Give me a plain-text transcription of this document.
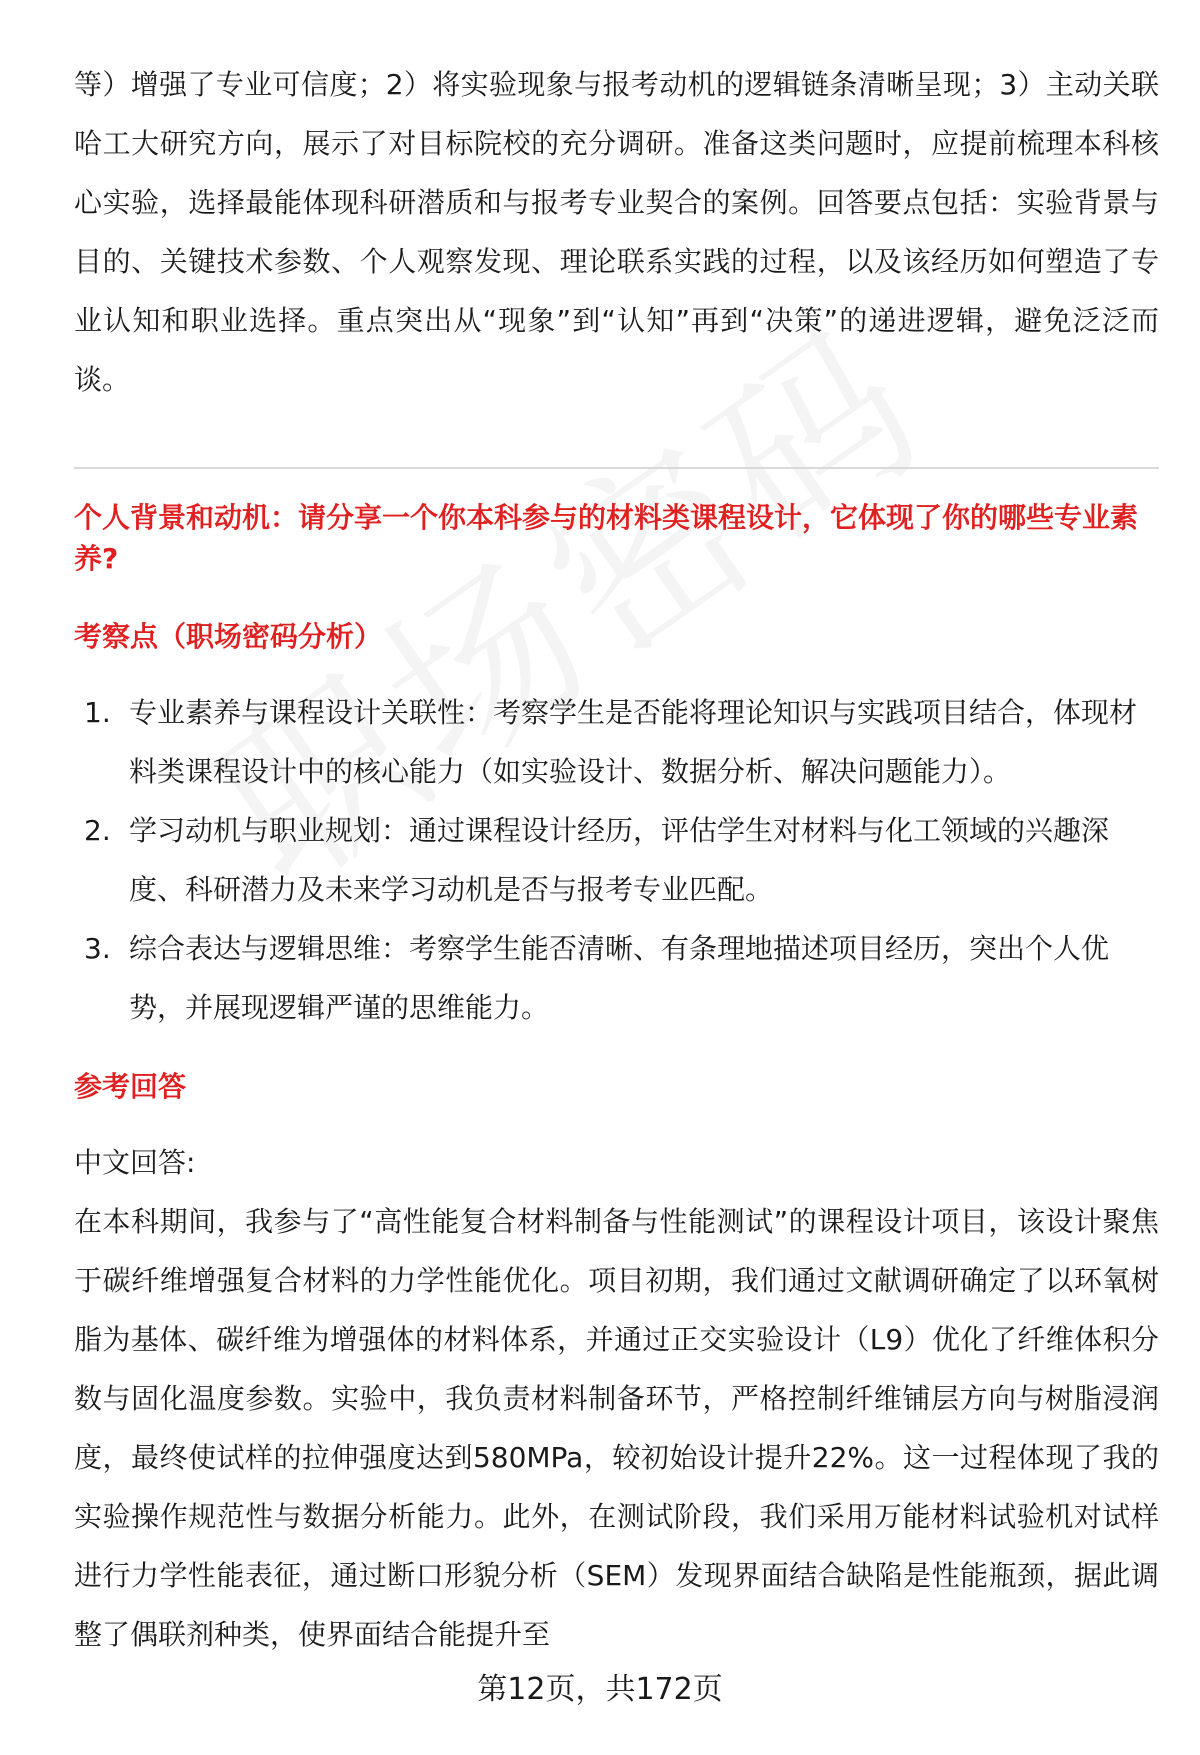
等）增强了专业可信度；2）将实验现象与报考动机的逻辑链条清晰呈现；3）主动关联哈工大研究方向，展示了对目标院校的充分调研。准备这类问题时，应提前梳理本科核心实验，选择最能体现科研潜质和与报考专业契合的案例。回答要点包括：实验背景与目的、关键技术参数、个人观察发现、理论联系实践的过程，以及该经历如何塑造了专业认知和职业选择。重点突出从“现象”到“认知”再到“决策”的递进逻辑，避免泛泛而谈。

个人背景和动机：请分享一个你本科参与的材料类课程设计，它体现了你的哪些专业素养?

考察点（职场密码分析）

1. 专业素养与课程设计关联性：考察学生是否能将理论知识与实践项目结合，体现材料类课程设计中的核心能力（如实验设计、数据分析、解决问题能力）。
2. 学习动机与职业规划：通过课程设计经历，评估学生对材料与化工领域的兴趣深度、科研潜力及未来学习动机是否与报考专业匹配。
3. 综合表达与逻辑思维：考察学生能否清晰、有条理地描述项目经历，突出个人优势，并展现逻辑严谨的思维能力。

参考回答

中文回答:

在本科期间，我参与了“高性能复合材料制备与性能测试”的课程设计项目，该设计聚焦于碳纤维增强复合材料的力学性能优化。项目初期，我们通过文献调研确定了以环氧树脂为基体、碳纤维为增强体的材料体系，并通过正交实验设计（L9）优化了纤维体积分数与固化温度参数。实验中，我负责材料制备环节，严格控制纤维铺层方向与树脂浸润度，最终使试样的拉伸强度达到580MPa，较初始设计提升22%。这一过程体现了我的实验操作规范性与数据分析能力。此外，在测试阶段，我们采用万能材料试验机对试样进行力学性能表征，通过断口形貌分析（SEM）发现界面结合缺陷是性能瓶颈，据此调整了偶联剂种类，使界面结合能提升至

第12页，共172页
